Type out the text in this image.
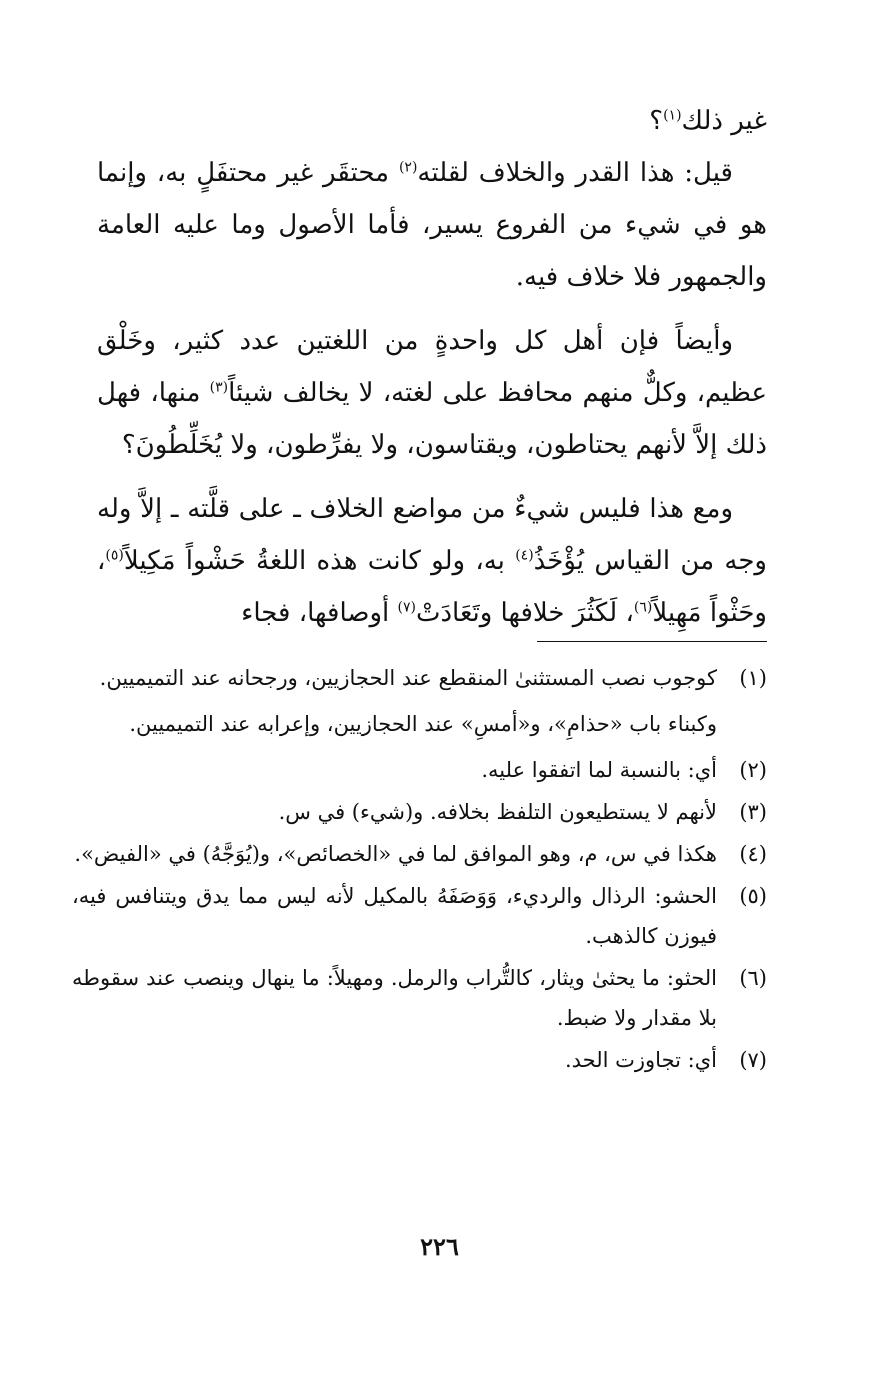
غير ذلك$^{(١)}$؟

قيل: هذا القدر والخلاف لقلته$^{(٢)}$ محتقَر غير محتفَلٍ به، وإنما هو في شيء من الفروع يسير، فأما الأصول وما عليه العامة والجمهور فلا خلاف فيه.

وأيضاً فإن أهل كل واحدةٍ من اللغتين عدد كثير، وخَلْق عظيم، وكلٌّ منهم محافظ على لغته، لا يخالف شيئاً$^{(٣)}$ منها، فهل ذلك إلاَّ لأنهم يحتاطون، ويقتاسون، ولا يفرِّطون، ولا يُخَلِّطُونَ؟

ومع هذا فليس شيءٌ من مواضع الخلاف ـ على قلَّته ـ إلاَّ وله وجه من القياس يُؤْخَذُ$^{(٤)}$ به، ولو كانت هذه اللغةُ حَشْواً مَكِيلاً$^{(٥)}$، وحَثْواً مَهِيلاً$^{(٦)}$، لَكَثُرَ خلافها وتَعَادَتْ$^{(٧)}$ أوصافها، فجاء

(١)
كوجوب نصب المستثنىٰ المنقطع عند الحجازيين، ورجحانه عند التميميين.
وكبناء باب «حذامِ»، و«أمسِ» عند الحجازيين، وإعرابه عند التميميين.
(٢)
أي: بالنسبة لما اتفقوا عليه.
(٣)
لأنهم لا يستطيعون التلفظ بخلافه. و(شيء) في س.
(٤)
هكذا في س، م، وهو الموافق لما في «الخصائص»، و(يُوَجَّهُ) في «الفيض».
(٥)
الحشو: الرذال والرديء، وَوَصَفَهُ بالمكيل لأنه ليس مما يدق ويتنافس فيه، فيوزن كالذهب.
(٦)
الحثو: ما يحثىٰ ويثار، كالتُّراب والرمل. ومهيلاً: ما ينهال وينصب عند سقوطه بلا مقدار ولا ضبط.
(٧)
أي: تجاوزت الحد.
٢٢٦
